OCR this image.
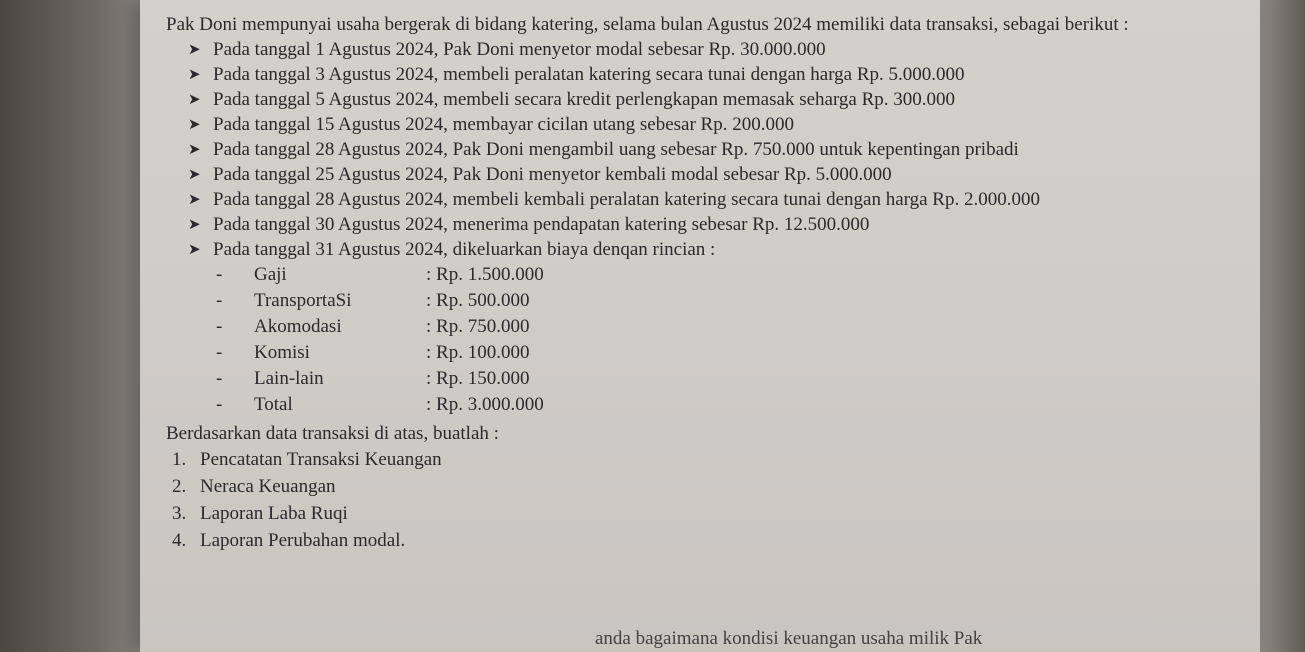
Pak Doni mempunyai usaha bergerak di bidang katering, selama bulan Agustus 2024 memiliki data transaksi, sebagai berikut :

➤ Pada tanggal 1 Agustus 2024, Pak Doni menyetor modal sebesar Rp. 30.000.000
➤ Pada tanggal 3 Agustus 2024, membeli peralatan katering secara tunai dengan harga Rp. 5.000.000
➤ Pada tanggal 5 Agustus 2024, membeli secara kredit perlengkapan memasak seharga Rp. 300.000
➤ Pada tanggal 15 Agustus 2024, membayar cicilan utang sebesar Rp. 200.000
➤ Pada tanggal 28 Agustus 2024, Pak Doni mengambil uang sebesar Rp. 750.000 untuk kepentingan pribadi
➤ Pada tanggal 25 Agustus 2024, Pak Doni menyetor kembali modal sebesar Rp. 5.000.000
➤ Pada tanggal 28 Agustus 2024, membeli kembali peralatan katering secara tunai dengan harga Rp. 2.000.000
➤ Pada tanggal 30 Agustus 2024, menerima pendapatan katering sebesar Rp. 12.500.000
➤ Pada tanggal 31 Agustus 2024, dikeluarkan biaya denqan rincian :
-	Gaji	: Rp. 1.500.000
-	TransportaSi	: Rp. 500.000
-	Akomodasi	: Rp. 750.000
-	Komisi	: Rp. 100.000
-	Lain-lain	: Rp. 150.000
-	Total	: Rp. 3.000.000

Berdasarkan data transaksi di atas, buatlah :

1. Pencatatan Transaksi Keuangan
2. Neraca Keuangan
3. Laporan Laba Ruqi
4. Laporan Perubahan modal.
anda bagaimana kondisi keuangan usaha milik Pak
